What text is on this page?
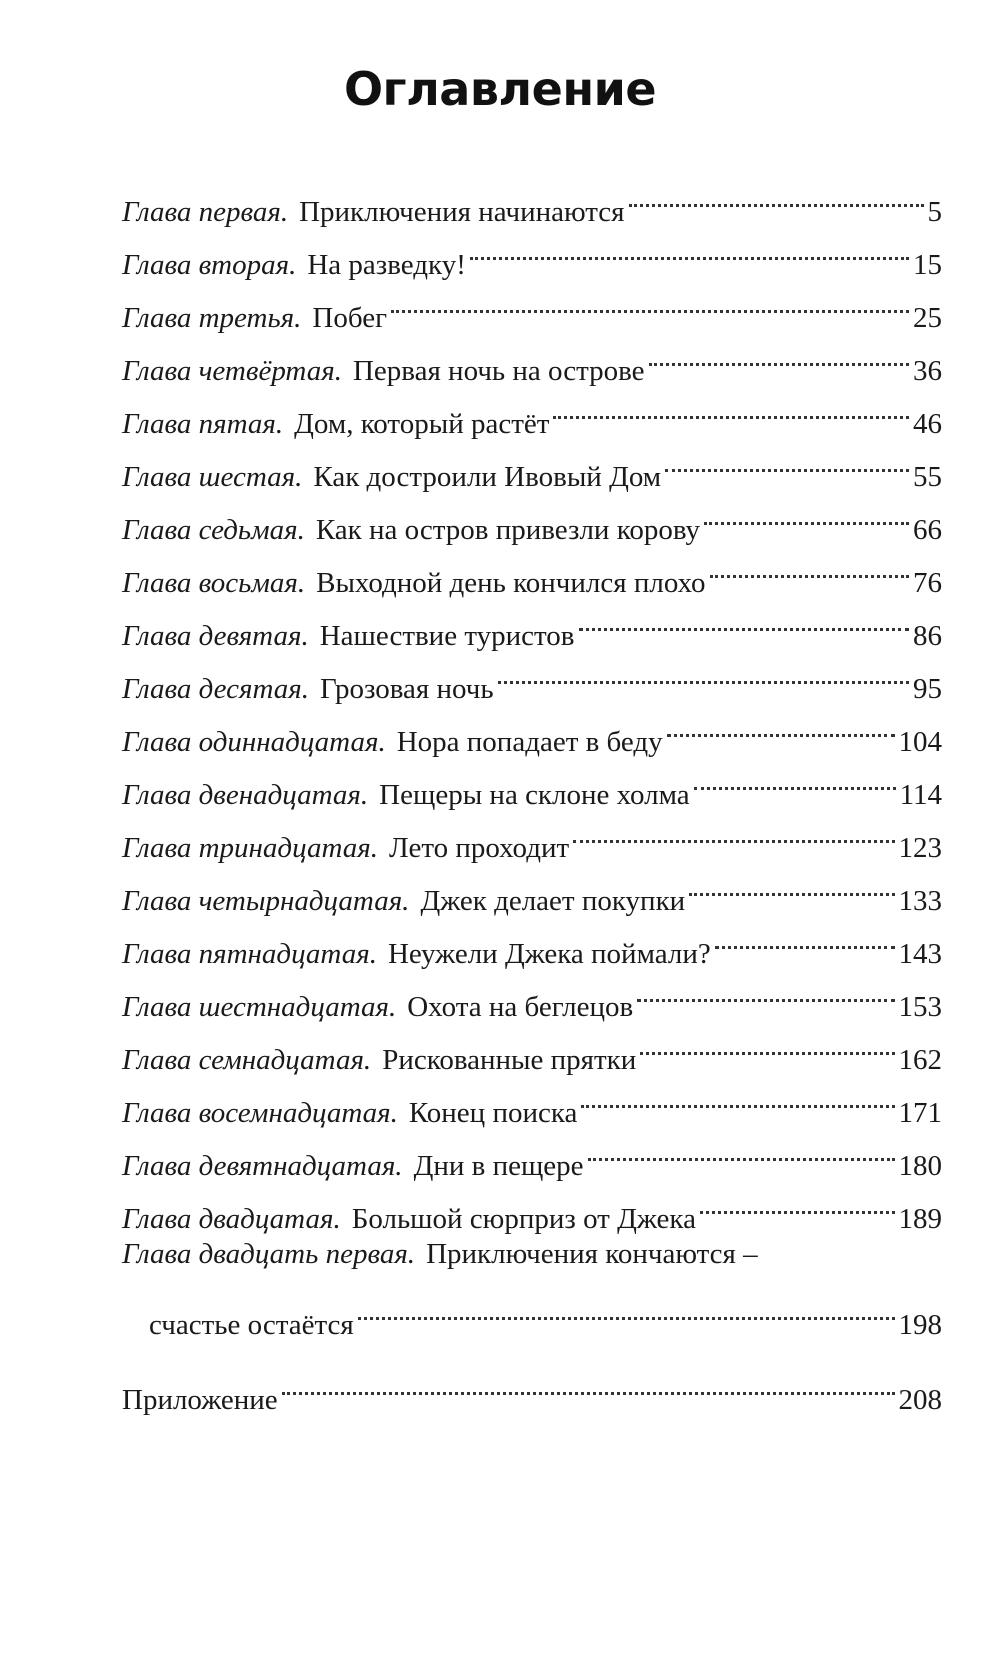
Оглавление
Глава первая. Приключения начинаются	5
Глава вторая. На разведку!	15
Глава третья. Побег	25
Глава четвёртая. Первая ночь на острове	36
Глава пятая. Дом, который растёт	46
Глава шестая. Как достроили Ивовый Дом	55
Глава седьмая. Как на остров привезли корову	66
Глава восьмая. Выходной день кончился плохо	76
Глава девятая. Нашествие туристов	86
Глава десятая. Грозовая ночь	95
Глава одиннадцатая. Нора попадает в беду	104
Глава двенадцатая. Пещеры на склоне холма	114
Глава тринадцатая. Лето проходит	123
Глава четырнадцатая. Джек делает покупки	133
Глава пятнадцатая. Неужели Джека поймали?	143
Глава шестнадцатая. Охота на беглецов	153
Глава семнадцатая. Рискованные прятки	162
Глава восемнадцатая. Конец поиска	171
Глава девятнадцатая. Дни в пещере	180
Глава двадцатая. Большой сюрприз от Джека	189
Глава двадцать первая. Приключения кончаются –
счастье остаётся	198
Приложение	208
